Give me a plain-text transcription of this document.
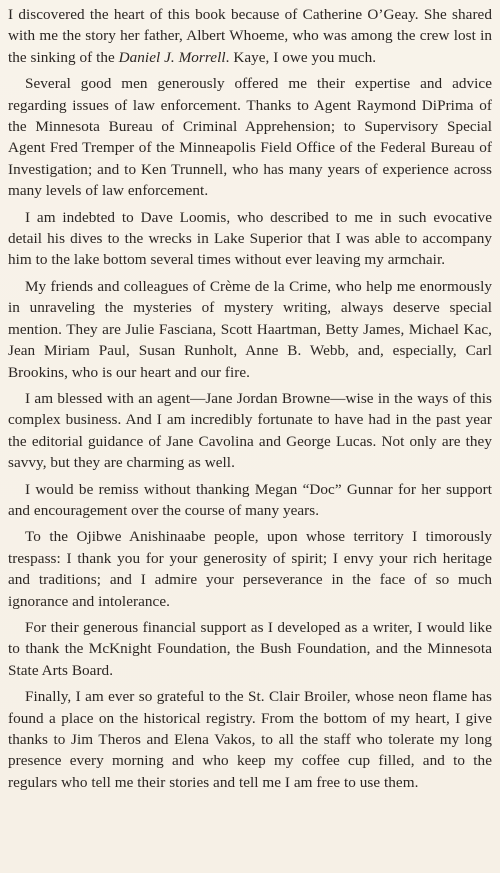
I discovered the heart of this book because of Catherine O’Geay. She shared with me the story her father, Albert Whoeme, who was among the crew lost in the sinking of the Daniel J. Morrell. Kaye, I owe you much.

Several good men generously offered me their expertise and advice regarding issues of law enforcement. Thanks to Agent Raymond DiPrima of the Minnesota Bureau of Criminal Apprehension; to Supervisory Special Agent Fred Tremper of the Minneapolis Field Office of the Federal Bureau of Investigation; and to Ken Trunnell, who has many years of experience across many levels of law enforcement.

I am indebted to Dave Loomis, who described to me in such evocative detail his dives to the wrecks in Lake Superior that I was able to accompany him to the lake bottom several times without ever leaving my armchair.

My friends and colleagues of Crème de la Crime, who help me enormously in unraveling the mysteries of mystery writing, always deserve special mention. They are Julie Fasciana, Scott Haartman, Betty James, Michael Kac, Jean Miriam Paul, Susan Runholt, Anne B. Webb, and, especially, Carl Brookins, who is our heart and our fire.

I am blessed with an agent—Jane Jordan Browne—wise in the ways of this complex business. And I am incredibly fortunate to have had in the past year the editorial guidance of Jane Cavolina and George Lucas. Not only are they savvy, but they are charming as well.

I would be remiss without thanking Megan “Doc” Gunnar for her support and encouragement over the course of many years.

To the Ojibwe Anishinaabe people, upon whose territory I timorously trespass: I thank you for your generosity of spirit; I envy your rich heritage and traditions; and I admire your perseverance in the face of so much ignorance and intolerance.

For their generous financial support as I developed as a writer, I would like to thank the McKnight Foundation, the Bush Foundation, and the Minnesota State Arts Board.

Finally, I am ever so grateful to the St. Clair Broiler, whose neon flame has found a place on the historical registry. From the bottom of my heart, I give thanks to Jim Theros and Elena Vakos, to all the staff who tolerate my long presence every morning and who keep my coffee cup filled, and to the regulars who tell me their stories and tell me I am free to use them.
